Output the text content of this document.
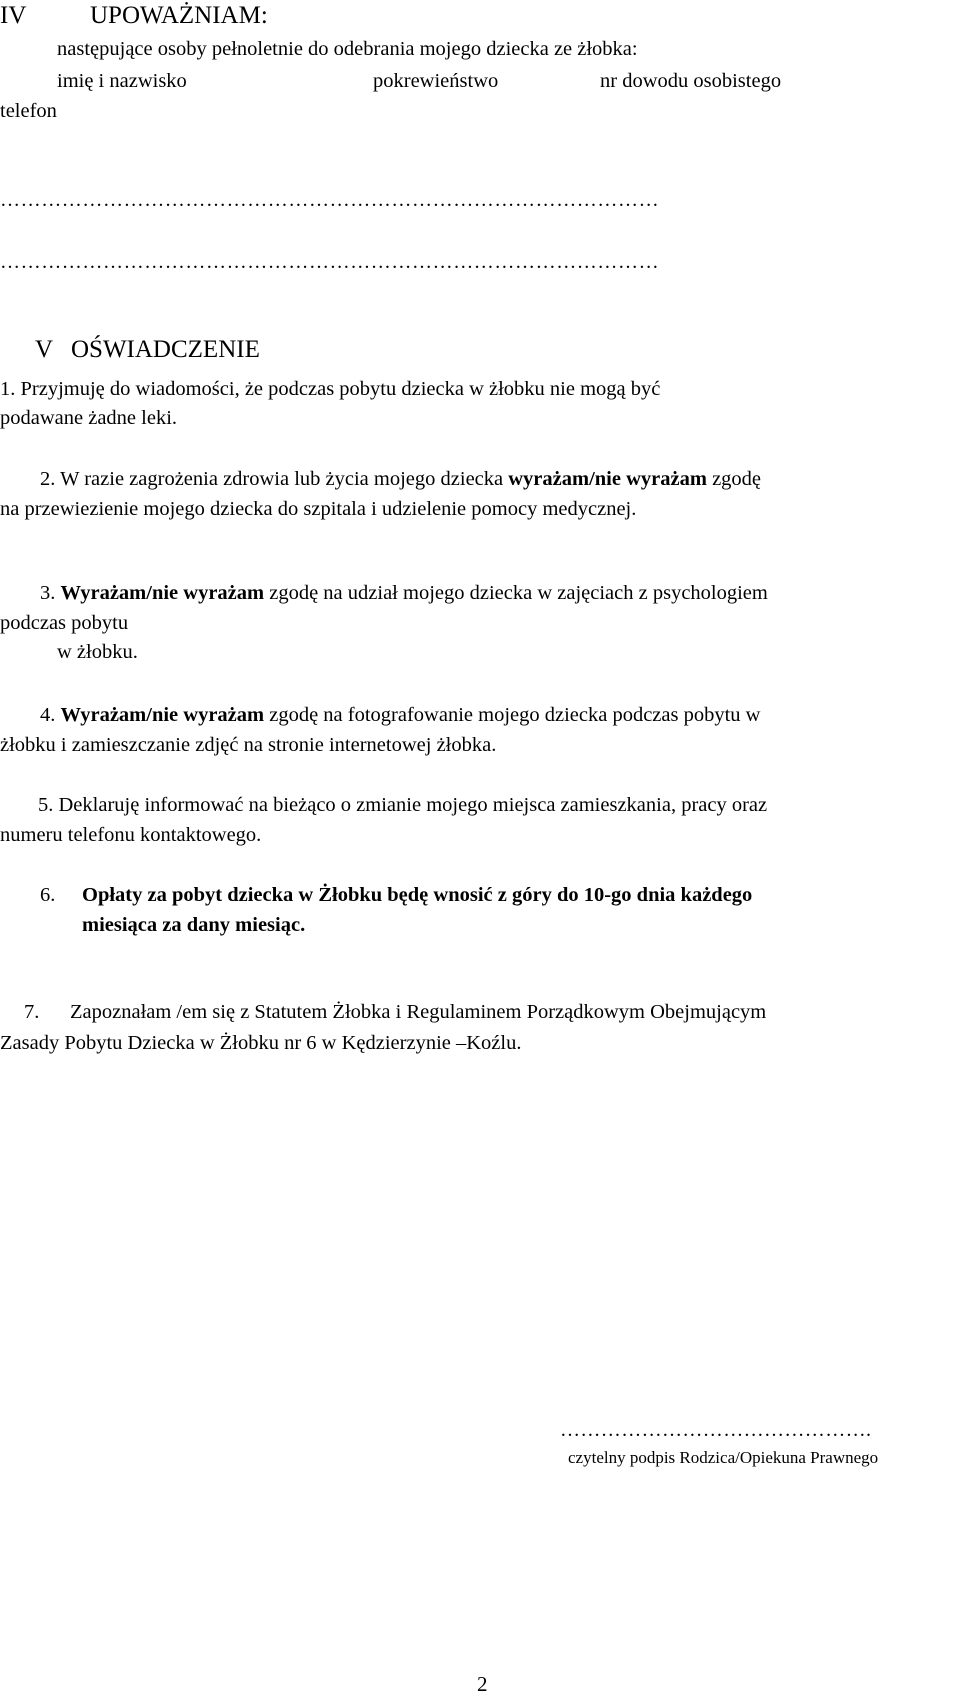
IV	UPOWAŻNIAM:
następujące osoby pełnoletnie do odebrania mojego dziecka ze żłobka:
imię i nazwisko	pokrewieństwo	nr dowodu osobistego
telefon
……………………………………………………………………………………
……………………………………………………………………………………
V OŚWIADCZENIE
1. Przyjmuję do wiadomości, że podczas pobytu dziecka w żłobku nie mogą być
podawane żadne leki.
2. W razie zagrożenia zdrowia lub życia mojego dziecka wyrażam/nie wyrażam zgodę
na przewiezienie mojego dziecka do szpitala i udzielenie pomocy medycznej.
3. Wyrażam/nie wyrażam zgodę na udział mojego dziecka w zajęciach z psychologiem
podczas pobytu
w żłobku.
4. Wyrażam/nie wyrażam zgodę na fotografowanie mojego dziecka podczas pobytu w
żłobku i zamieszczanie zdjęć na stronie internetowej żłobka.
5. Deklaruję informować na bieżąco o zmianie mojego miejsca zamieszkania, pracy oraz
numeru telefonu kontaktowego.
6. Opłaty za pobyt dziecka w Żłobku będę wnosić z góry do 10-go dnia każdego
miesiąca za dany miesiąc.
7. Zapoznałam /em się z Statutem Żłobka i Regulaminem Porządkowym Obejmującym
Zasady Pobytu Dziecka w Żłobku nr 6 w Kędzierzynie –Koźlu.
……………………………………….
czytelny podpis Rodzica/Opiekuna Prawnego
2
